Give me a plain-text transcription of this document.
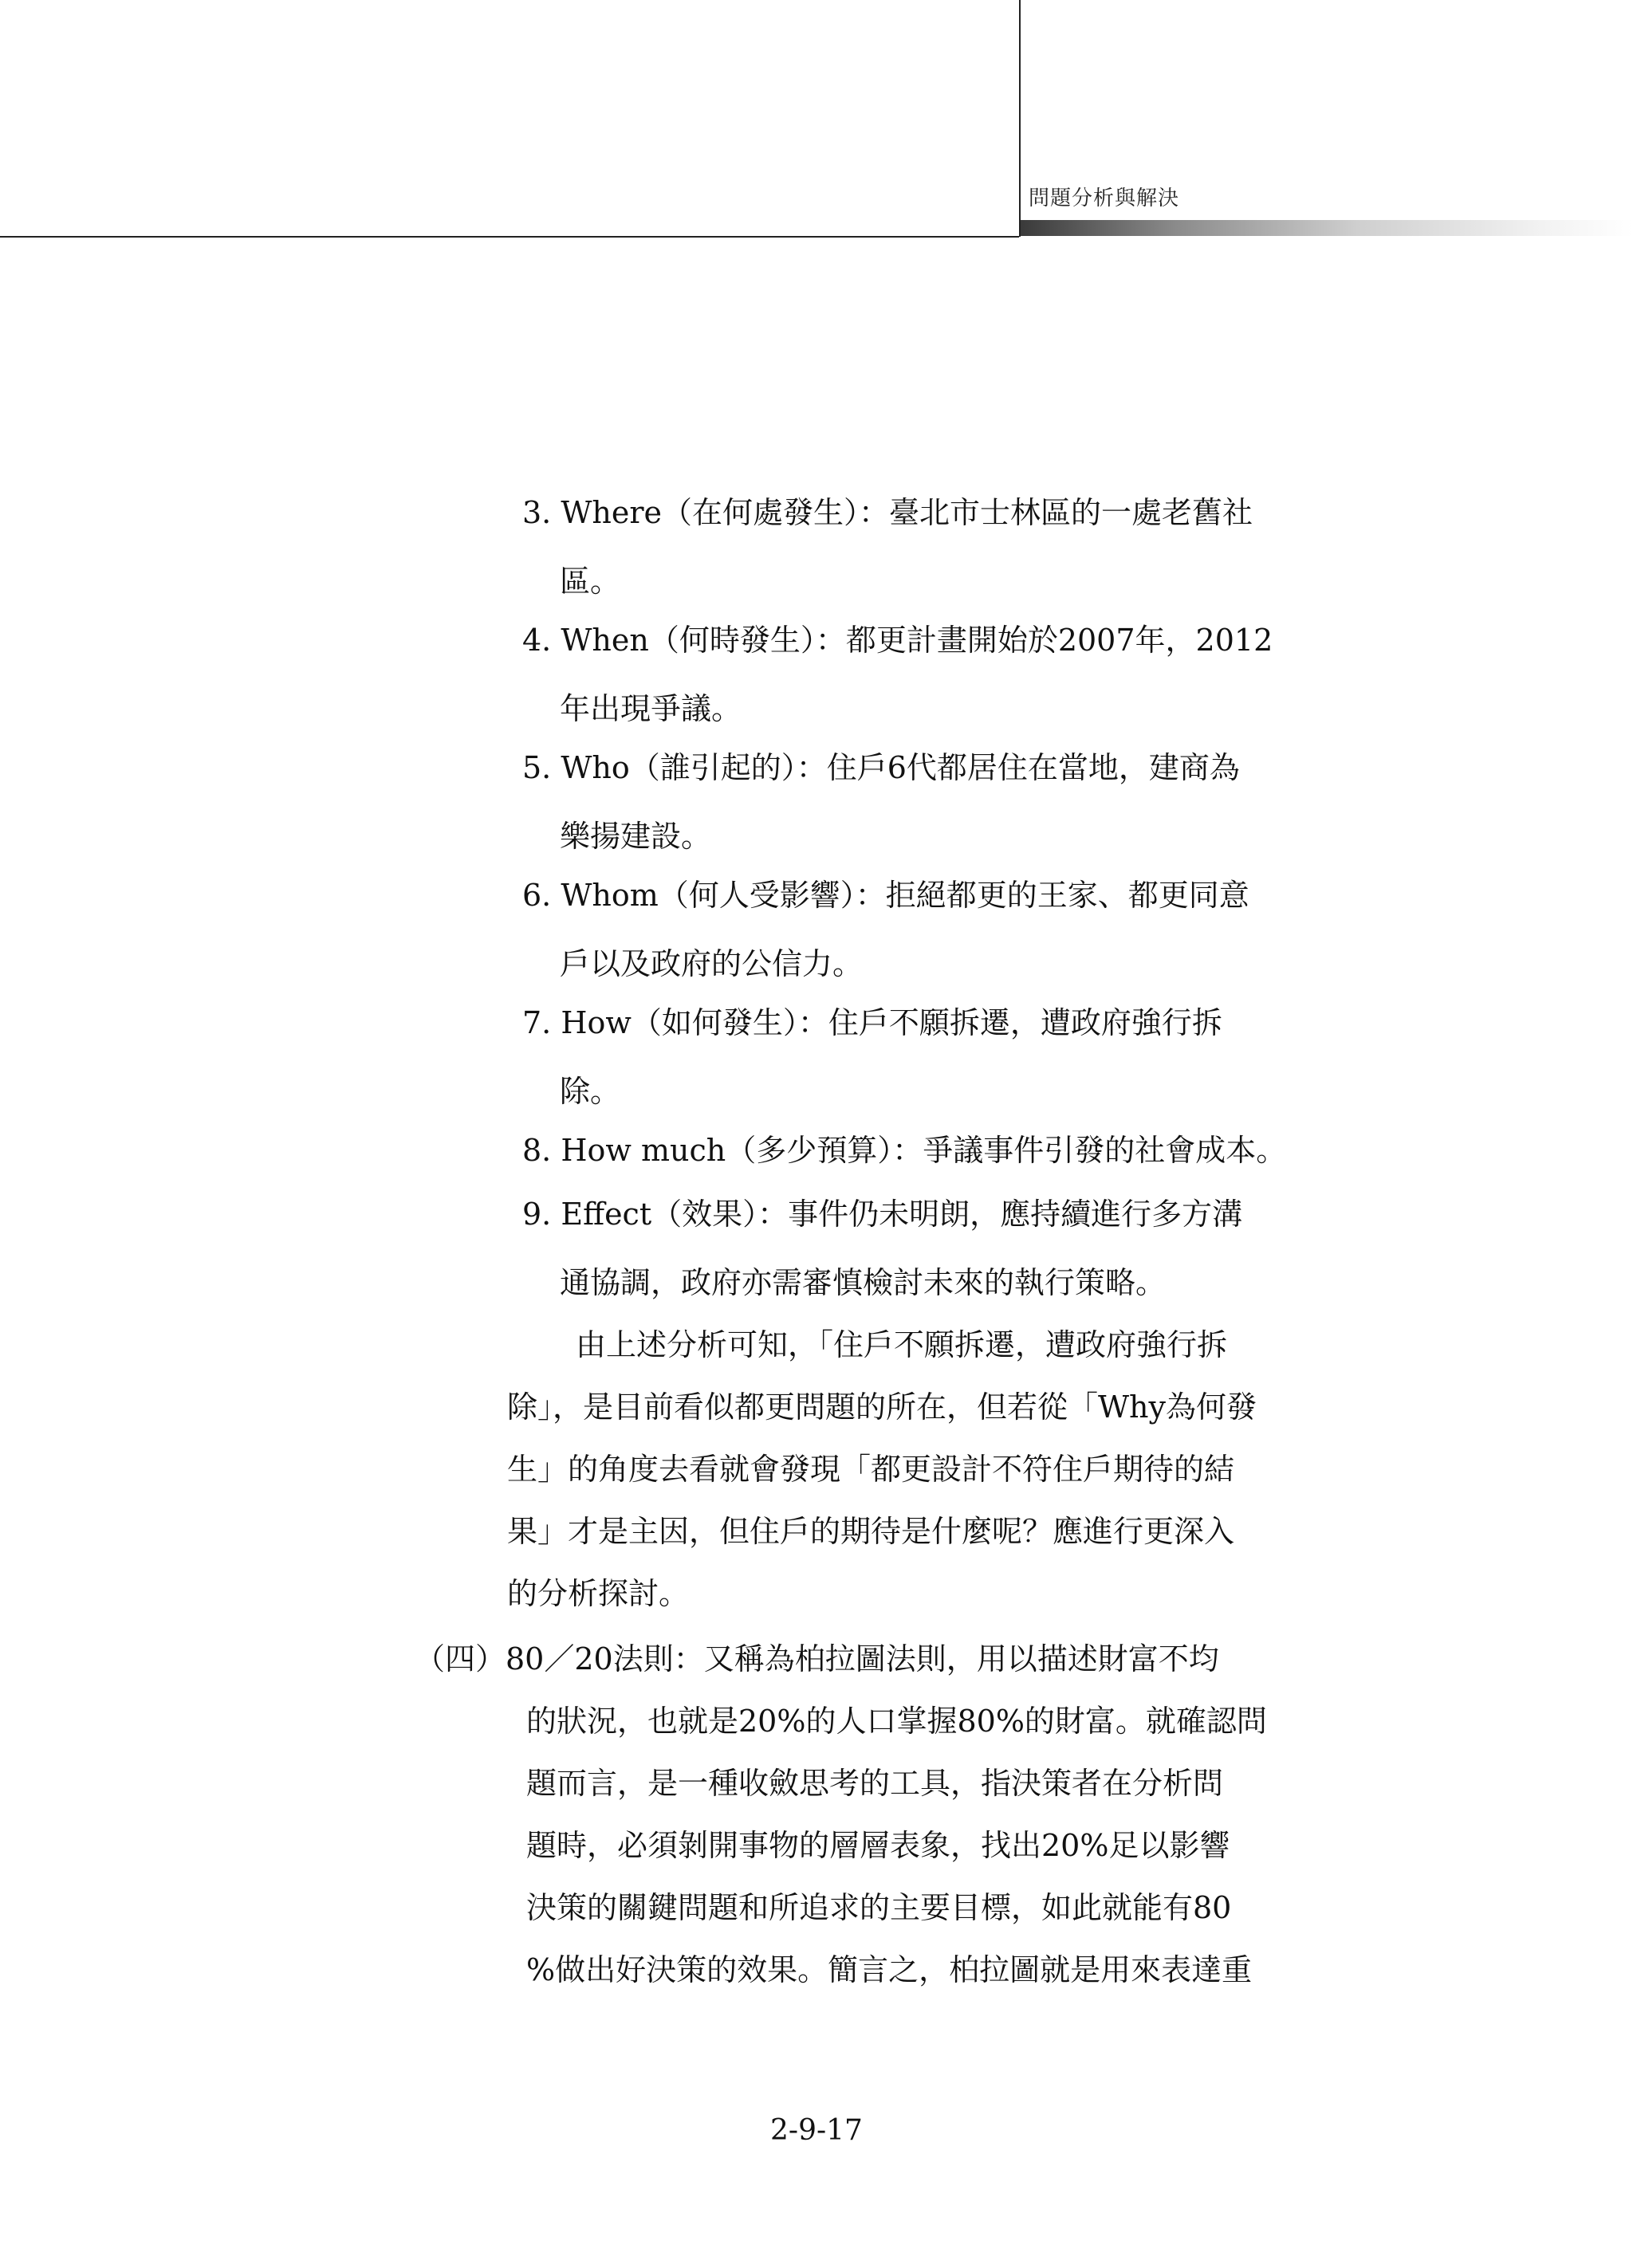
問題分析與解決
3. Where（在何處發生）：臺北市士林區的一處老舊社
區。
4. When（何時發生）：都更計畫開始於2007年，2012
年出現爭議。
5. Who（誰引起的）：住戶6代都居住在當地，建商為
樂揚建設。
6. Whom（何人受影響）：拒絕都更的王家、都更同意
戶以及政府的公信力。
7. How（如何發生）：住戶不願拆遷，遭政府強行拆
除。
8. How much（多少預算）：爭議事件引發的社會成本。
9. Effect（效果）：事件仍未明朗，應持續進行多方溝
通協調，政府亦需審慎檢討未來的執行策略。
由上述分析可知，「住戶不願拆遷，遭政府強行拆
除」，是目前看似都更問題的所在，但若從「Why為何發
生」的角度去看就會發現「都更設計不符住戶期待的結
果」才是主因，但住戶的期待是什麼呢？應進行更深入
的分析探討。
（四）80／20法則：又稱為柏拉圖法則，用以描述財富不均
的狀況，也就是20%的人口掌握80%的財富。就確認問
題而言，是一種收斂思考的工具，指決策者在分析問
題時，必須剝開事物的層層表象，找出20%足以影響
決策的關鍵問題和所追求的主要目標，如此就能有80
%做出好決策的效果。簡言之，柏拉圖就是用來表達重
2-9-17
